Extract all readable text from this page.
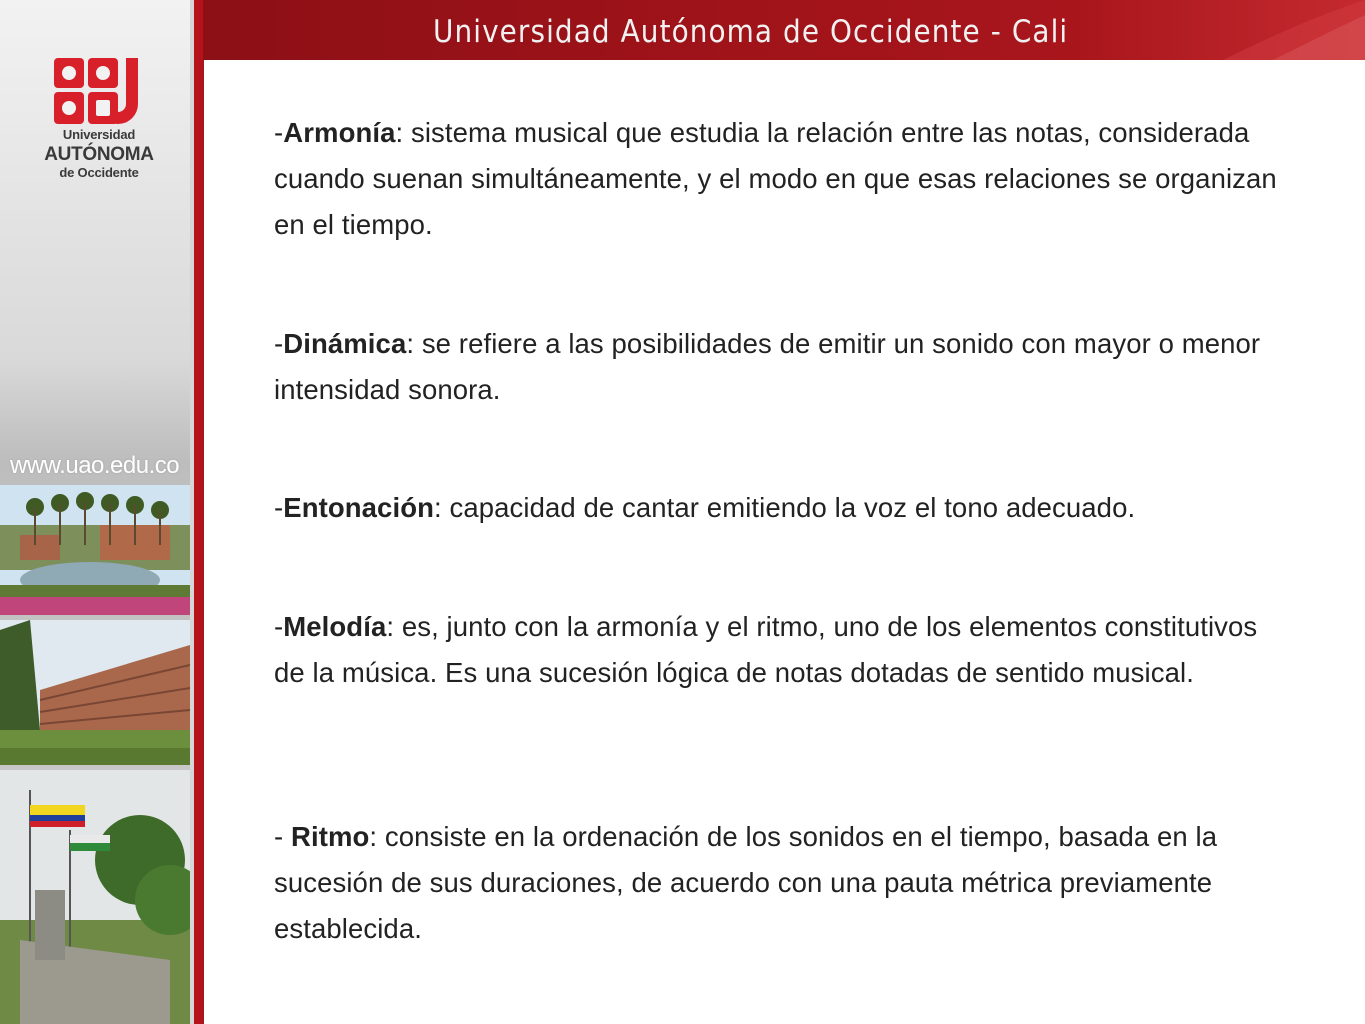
Universidad
AUTÓNOMA
de Occidente
www.uao.edu.co
Universidad Autónoma de Occidente - Cali

-Armonía: sistema musical que estudia la relación entre las notas, considerada cuando suenan simultáneamente, y el modo en que esas relaciones se organizan en el tiempo.

-Dinámica: se refiere a las posibilidades de emitir un sonido con mayor o menor intensidad sonora.

-Entonación: capacidad de cantar emitiendo la voz el tono adecuado.

-Melodía: es, junto con la armonía y el ritmo, uno de los elementos constitutivos de la música. Es una sucesión lógica de notas dotadas de sentido musical.

- Ritmo: consiste en la ordenación de los sonidos en el tiempo, basada en la sucesión de sus duraciones, de acuerdo con una pauta métrica previamente establecida.
